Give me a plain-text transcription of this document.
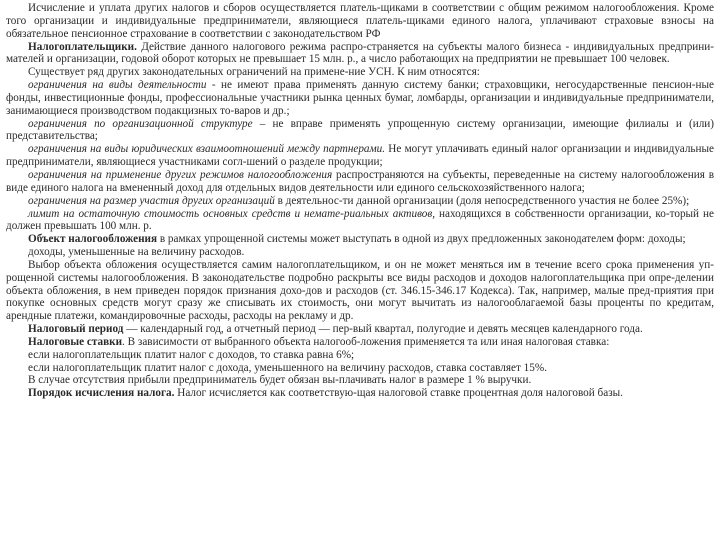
Исчисление и уплата других налогов и сборов осуществляется платель-щиками в соответствии с общим режимом налогообложения. Кроме того организации и индивидуальные предприниматели, являющиеся платель-щиками единого налога, уплачивают страховые взносы на обязательное пенсионное страхование в соответствии с законодательством РФ

Налогоплательщики. Действие данного налогового режима распро-страняется на субъекты малого бизнеса - индивидуальных предприни-мателей и организации, годовой оборот которых не превышает 15 млн. р., а число работающих на предприятии не превышает 100 человек.

Существует ряд других законодательных ограничений на примене-ние УСН. К ним относятся:

ограничения на виды деятельности - не имеют права применять данную систему банки; страховщики, негосударственные пенсион-ные фонды, инвестиционные фонды, профессиональные участники рынка ценных бумаг, ломбарды, организации и индивидуальные предприниматели, занимающиеся производством подакцизных то-варов и др.;

ограничения по организационной структуре – не вправе применять упрощенную систему организации, имеющие филиалы и (или) представительства;

ограничения на виды юридических взаимоотношений между партнерами. Не могут уплачивать единый налог организации и индивидуальные предприниматели, являющиеся участниками согл-шений о разделе продукции;

ограничения на применение других режимов налогообложения распространяются на субъекты, переведенные на систему налогообложения в виде единого налога на вмененный доход для отдельных видов деятельности или единого сельскохозяйственного налога;

ограничения на размер участия других организаций в деятельнос-ти данной организации (доля непосредственного участия не более 25%);

лимит на остаточную стоимость основных средств и немате-риальных активов, находящихся в собственности организации, ко-торый не должен превышать 100 млн. р.

Объект налогообложения в рамках упрощенной системы может выступать в одной из двух предложенных законодателем форм: доходы;

доходы, уменьшенные на величину расходов.

Выбор объекта обложения осуществляется самим налогоплательщиком, и он не может меняться им в течение всего срока применения уп-рощенной системы налогообложения. В законодательстве подробно раскрыты все виды расходов и доходов налогоплательщика при опре-делении объекта обложения, в нем приведен порядок признания дохо-дов и расходов (ст. 346.15-346.17 Кодекса). Так, например, малые пред-приятия при покупке основных средств могут сразу же списывать их стоимость, они могут вычитать из налогооблагаемой базы проценты по кредитам, арендные платежи, командировочные расходы, расходы на рекламу и др.

Налоговый период — календарный год, а отчетный период — пер-вый квартал, полугодие и девять месяцев календарного года.

Налоговые ставки. В зависимости от выбранного объекта налогооб-ложения применяется та или иная налоговая ставка:

если налогоплательщик платит налог с доходов, то ставка равна 6%;

если налогоплательщик платит налог с дохода, уменьшенного на величину расходов, ставка составляет 15%.

В случае отсутствия прибыли предприниматель будет обязан вы-плачивать налог в размере 1 % выручки.

Порядок исчисления налога. Налог исчисляется как соответствую-щая налоговой ставке процентная доля налоговой базы.
